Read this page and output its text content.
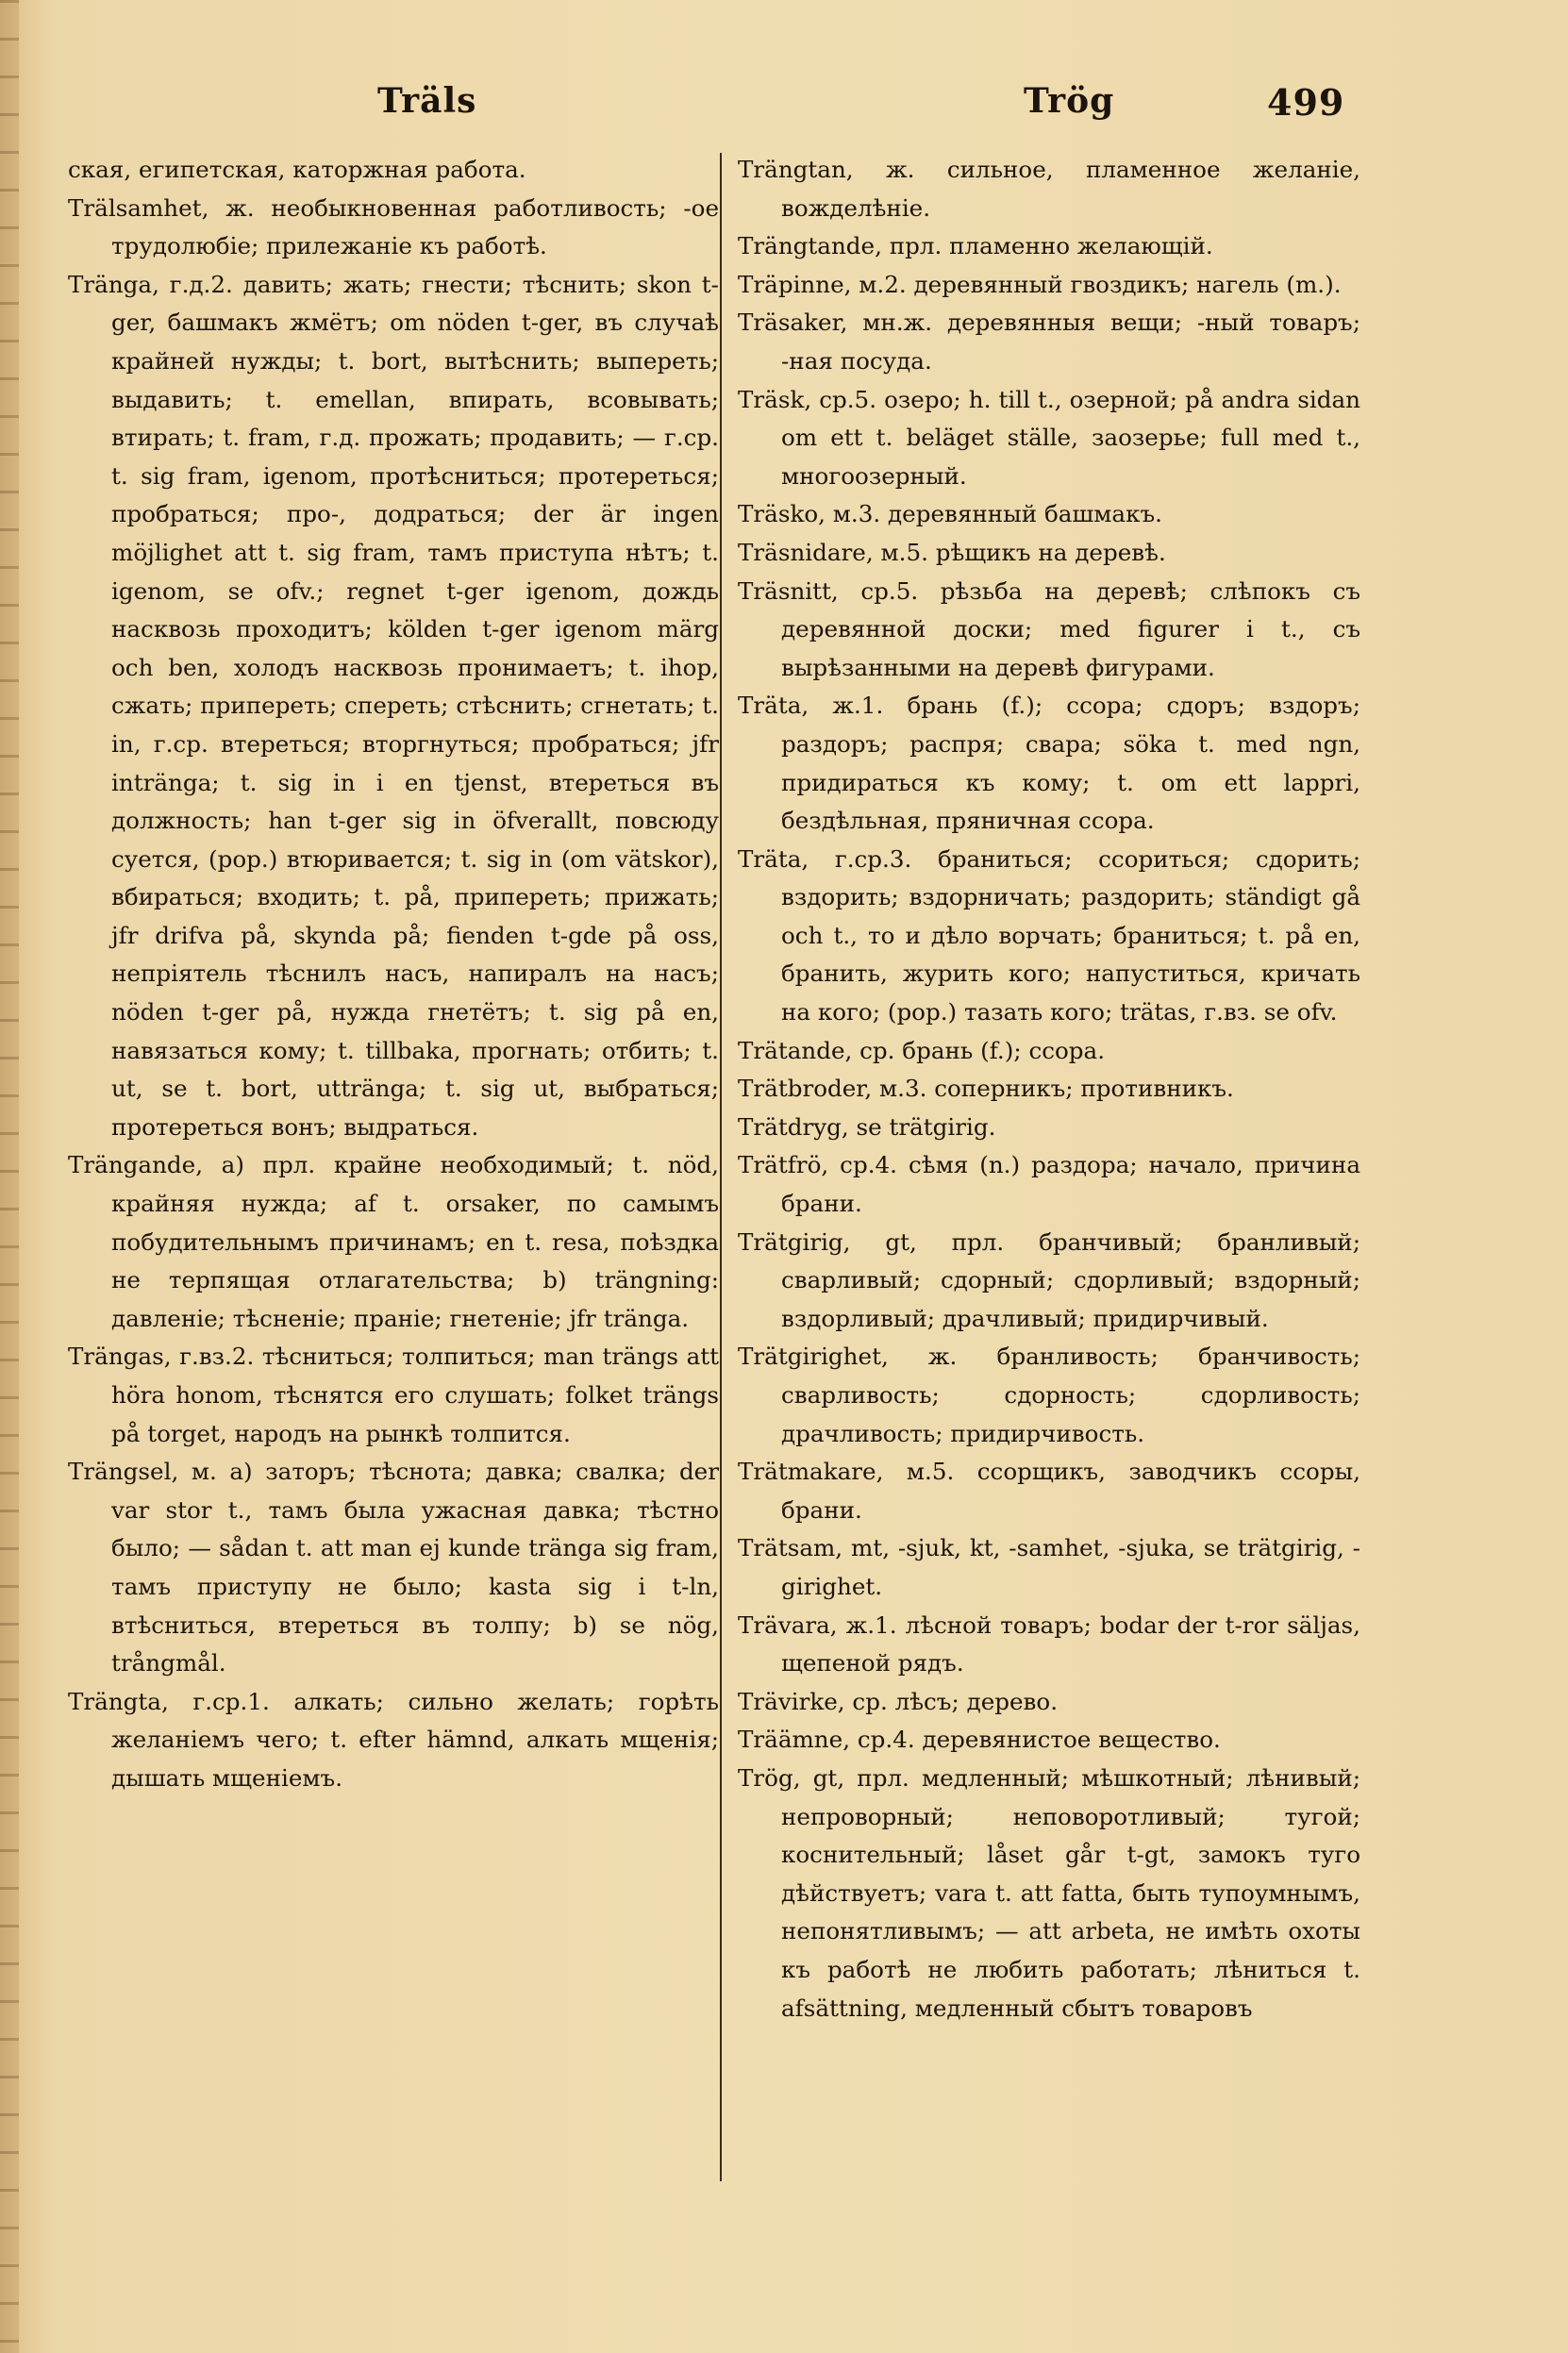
Träls	Trög	499

ская, египетская, каторжная работа.

Trälsamhet, ж. необыкновенная работливость; -ое трудолюбіе; прилежаніе къ работѣ.

Tränga, г.д.2. давить; жать; гнести; тѣснить; skon t-ger, башмакъ жмётъ; om nöden t-ger, въ случаѣ крайней нужды; t. bort, вытѣснить; выпереть; выдавить; t. emellan, впирать, всовывать; втирать; t. fram, г.д. прожать; продавить; — г.ср. t. sig fram, igenom, протѣсниться; протереться; пробраться; про-, додраться; der är ingen möjlighet att t. sig fram, тамъ приступа нѣтъ; t. igenom, se ofv.; regnet t-ger igenom, дождь насквозь проходитъ; kölden t-ger igenom märg och ben, холодъ насквозь пронимаетъ; t. ihop, сжать; припереть; спереть; стѣснить; сгнетать; t. in, г.ср. втереться; вторгнуться; пробраться; jfr intränga; t. sig in i en tjenst, втереться въ должность; han t-ger sig in öfverallt, повсюду суется, (рор.) втюривается; t. sig in (om vätskor), вбираться; входить; t. på, припереть; прижать; jfr drifva på, skynda på; fienden t-gde på oss, непріятель тѣснилъ насъ, напиралъ на насъ; nöden t-ger på, нужда гнетётъ; t. sig på en, навязаться кому; t. tillbaka, прогнать; отбить; t. ut, se t. bort, uttränga; t. sig ut, выбраться; протереться вонъ; выдраться.

Trängande, а) прл. крайне необходимый; t. nöd, крайняя нужда; af t. orsaker, по самымъ побудительнымъ причинамъ; en t. resa, поѣздка не терпящая отлагательства; b) trängning: давленіе; тѣсненіе; праніе; гнетеніе; jfr tränga.

Trängas, г.вз.2. тѣсниться; толпиться; man trängs att höra honom, тѣснятся его слушать; folket trängs på torget, народъ на рынкѣ толпится.

Trängsel, м. а) заторъ; тѣснота; давка; свалка; der var stor t., тамъ была ужасная давка; тѣстно было; — sådan t. att man ej kunde tränga sig fram, тамъ приступу не было; kasta sig i t-ln, втѣсниться, втереться въ толпу; b) se nög, trångmål.

Trängta, г.ср.1. алкать; сильно желать; горѣть желаніемъ чего; t. efter hämnd, алкать мщенія; дышать мщеніемъ.

Trängtan, ж. сильное, пламенное желаніе, вожделѣніе.

Trängtande, прл. пламенно желающій.

Träpinne, м.2. деревянный гвоздикъ; нагель (m.).

Träsaker, мн.ж. деревянныя вещи; -ный товаръ; -ная посуда.

Träsk, ср.5. озеро; h. till t., озерной; på andra sidan om ett t. beläget ställe, заозерье; full med t., многоозерный.

Träsko, м.3. деревянный башмакъ.

Träsnidare, м.5. рѣщикъ на деревѣ.

Träsnitt, ср.5. рѣзьба на деревѣ; слѣпокъ съ деревянной доски; med figurer i t., съ вырѣзанными на деревѣ фигурами.

Träta, ж.1. брань (f.); ссора; сдоръ; вздоръ; раздоръ; распря; свара; söka t. med ngn, придираться къ кому; t. om ett lappri, бездѣльная, пряничная ссора.

Träta, г.ср.3. браниться; ссориться; сдорить; вздорить; вздорничать; раздорить; ständigt gå och t., то и дѣло ворчать; браниться; t. på en, бранить, журить кого; напуститься, кричать на кого; (рор.) тазать кого; trätas, г.вз. se ofv.

Trätande, ср. брань (f.); ссора.

Trätbroder, м.3. соперникъ; противникъ.

Trätdryg, se trätgirig.

Trätfrö, ср.4. сѣмя (n.) раздора; начало, причина брани.

Trätgirig, gt, прл. бранчивый; бранливый; сварливый; сдорный; сдорливый; вздорный; вздорливый; драчливый; придирчивый.

Trätgirighet, ж. бранливость; бранчивость; сварливость; сдорность; сдорливость; драчливость; придирчивость.

Trätmakare, м.5. ссорщикъ, заводчикъ ссоры, брани.

Trätsam, mt, -sjuk, kt, -samhet, -sjuka, se trätgirig, -girighet.

Trävara, ж.1. лѣсной товаръ; bodar der t-ror säljas, щепеной рядъ.

Trävirke, ср. лѣсъ; дерево.

Träämne, ср.4. деревянистое вещество.

Trög, gt, прл. медленный; мѣшкотный; лѣнивый; непроворный; неповоротливый; тугой; коснительный; låset går t-gt, замокъ туго дѣйствуетъ; vara t. att fatta, быть тупоумнымъ, непонятливымъ; — att arbeta, не имѣть охоты къ работѣ не любить работать; лѣниться t. afsättning, медленный сбытъ товаровъ
